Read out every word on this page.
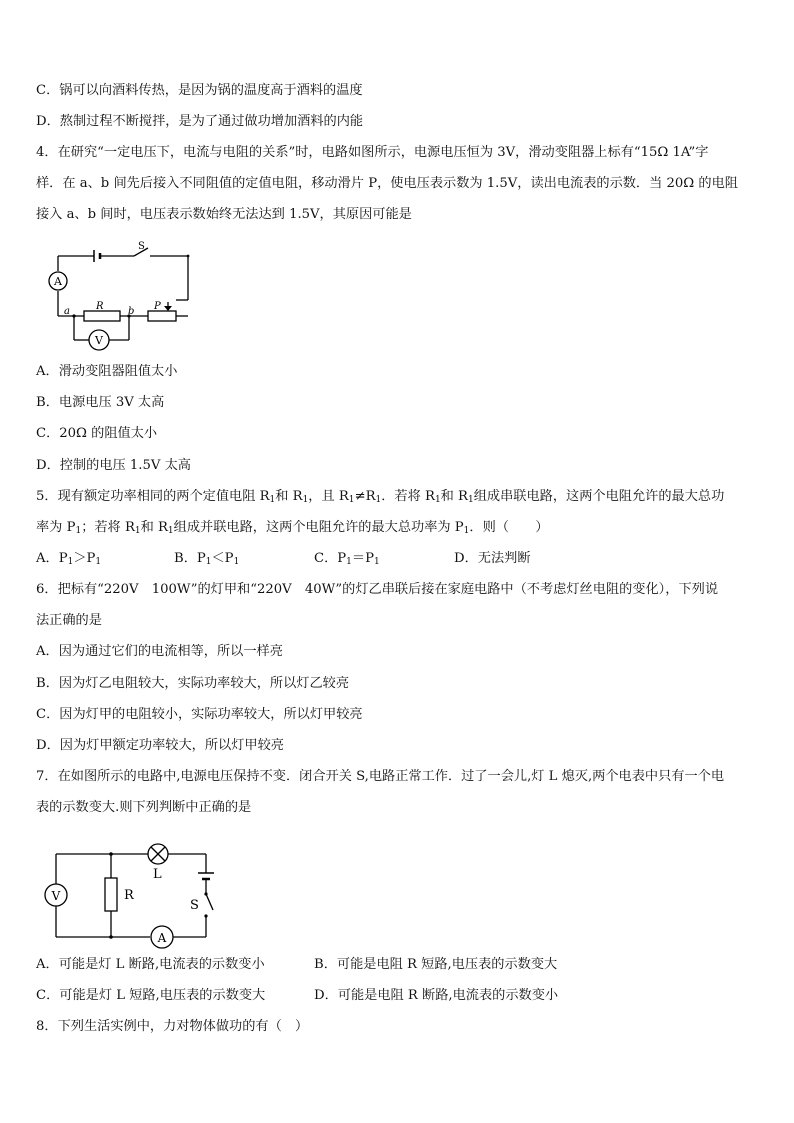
C．锅可以向酒料传热，是因为锅的温度高于酒料的温度
D．熬制过程不断搅拌，是为了通过做功增加酒料的内能
4．在研究“一定电压下，电流与电阻的关系”时，电路如图所示，电源电压恒为 3V，滑动变阻器上标有“15Ω 1A”字
样．在 a、b 间先后接入不同阻值的定值电阻，移动滑片 P，使电压表示数为 1.5V，读出电流表的示数．当 20Ω 的电阻
接入 a、b 间时，电压表示数始终无法达到 1.5V，其原因可能是
A
V
S
a	b
R	P
A．滑动变阻器阻值太小
B．电源电压 3V 太高
C．20Ω 的阻值太小
D．控制的电压 1.5V 太高
5．现有额定功率相同的两个定值电阻 $R_1$和 $R_1$，且 $R_1\ne R_1$．若将 $R_1$和 $R_1$组成串联电路，这两个电阻允许的最大总功
率为 $P_1$；若将 $R_1$和 $R_1$组成并联电路，这两个电阻允许的最大总功率为 $P_1$．则（　　）
A．$P_1>P_1$	B．$P_1<P_1$	C．$P_1=P_1$	D．无法判断
6．把标有“220V　100W”的灯甲和“220V　40W”的灯乙串联后接在家庭电路中（不考虑灯丝电阻的变化），下列说
法正确的是
A．因为通过它们的电流相等，所以一样亮
B．因为灯乙电阻较大，实际功率较大，所以灯乙较亮
C．因为灯甲的电阻较小，实际功率较大，所以灯甲较亮
D．因为灯甲额定功率较大，所以灯甲较亮
7．在如图所示的电路中,电源电压保持不变．闭合开关 S,电路正常工作．过了一会儿,灯 L 熄灭,两个电表中只有一个电
表的示数变大.则下列判断中正确的是
V
A
R
L
S
A．可能是灯 L 断路,电流表的示数变小	B．可能是电阻 R 短路,电压表的示数变大
C．可能是灯 L 短路,电压表的示数变大	D．可能是电阻 R 断路,电流表的示数变小
8．下列生活实例中，力对物体做功的有（　）
